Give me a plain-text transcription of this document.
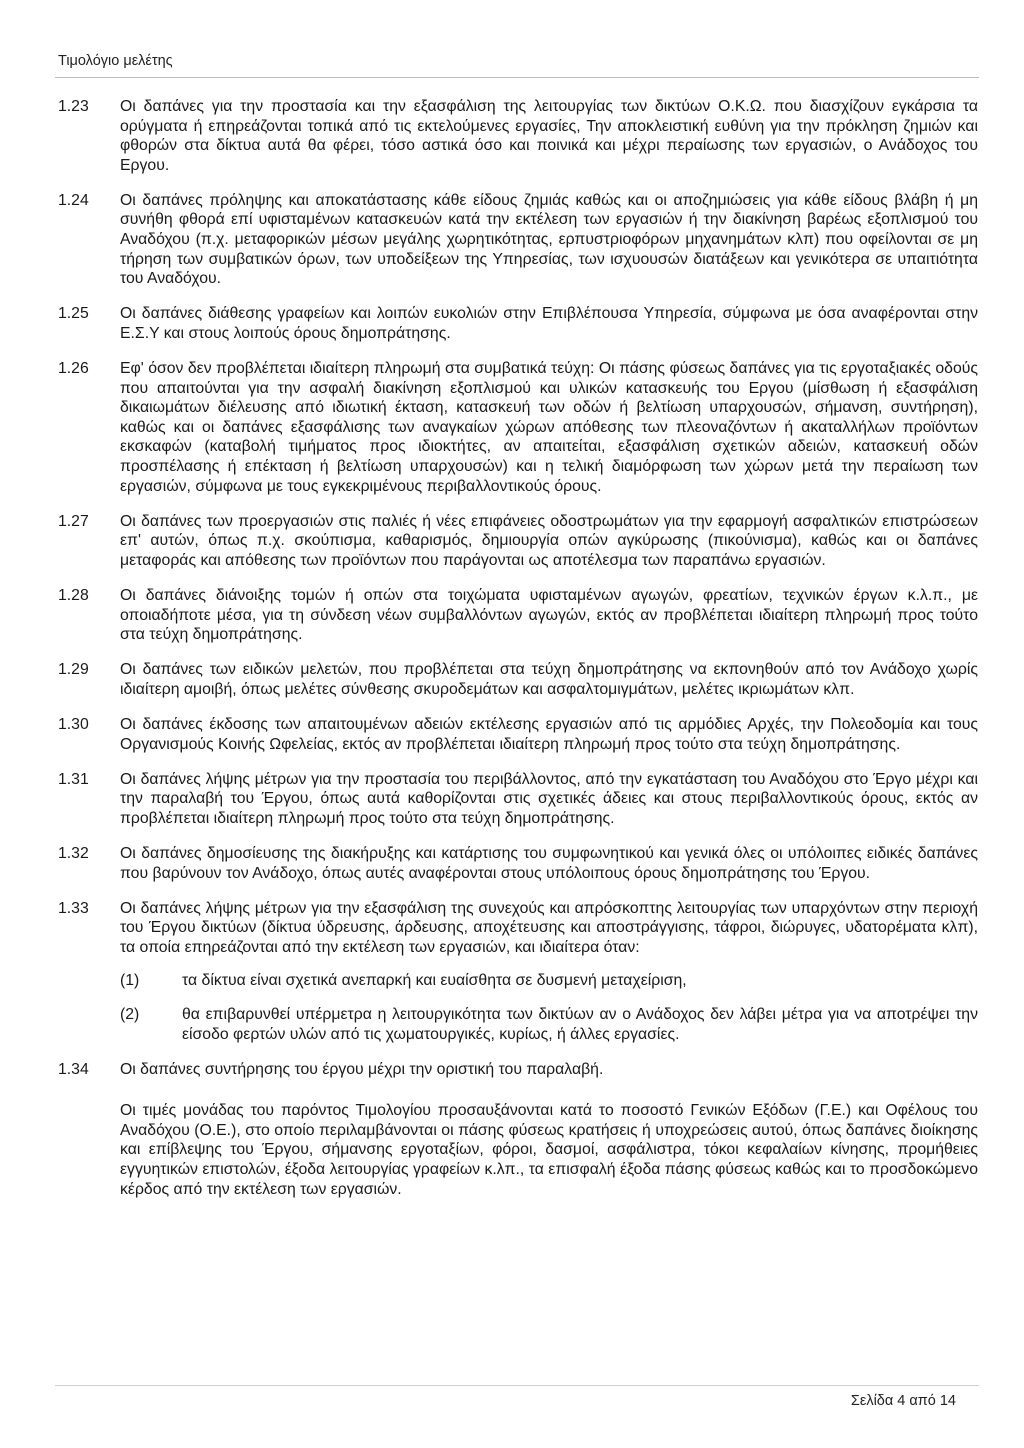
Τιμολόγιο μελέτης
1.23	Οι δαπάνες για την προστασία και την εξασφάλιση της λειτουργίας των δικτύων Ο.Κ.Ω. που διασχίζουν εγκάρσια τα ορύγματα ή επηρεάζονται τοπικά από τις εκτελούμενες εργασίες, Την αποκλειστική ευθύνη για την πρόκληση ζημιών και φθορών στα δίκτυα αυτά θα φέρει, τόσο αστικά όσο και ποινικά και μέχρι περαίωσης των εργασιών, ο Ανάδοχος του Εργου.
1.24	Οι δαπάνες πρόληψης και αποκατάστασης κάθε είδους ζημιάς καθώς και οι αποζημιώσεις για κάθε είδους βλάβη ή μη συνήθη φθορά επί υφισταμένων κατασκευών κατά την εκτέλεση των εργασιών ή την διακίνηση βαρέως εξοπλισμού του Αναδόχου (π.χ. μεταφορικών μέσων μεγάλης χωρητικότητας, ερπυστριοφόρων μηχανημάτων κλπ) που οφείλονται σε μη τήρηση των συμβατικών όρων, των υποδείξεων της Υπηρεσίας, των ισχυουσών διατάξεων και γενικότερα σε υπαιτιότητα του Αναδόχου.
1.25	Οι δαπάνες διάθεσης γραφείων και λοιπών ευκολιών στην Επιβλέπουσα Υπηρεσία, σύμφωνα με όσα αναφέρονται στην Ε.Σ.Υ και στους λοιπούς όρους δημοπράτησης.
1.26	Εφ' όσον δεν προβλέπεται ιδιαίτερη πληρωμή στα συμβατικά τεύχη: Οι πάσης φύσεως δαπάνες για τις εργοταξιακές οδούς που απαιτούνται για την ασφαλή διακίνηση εξοπλισμού και υλικών κατασκευής του Εργου (μίσθωση ή εξασφάλιση δικαιωμάτων διέλευσης από ιδιωτική έκταση, κατασκευή των οδών ή βελτίωση υπαρχουσών, σήμανση, συντήρηση), καθώς και οι δαπάνες εξασφάλισης των αναγκαίων χώρων απόθεσης των πλεοναζόντων ή ακαταλλήλων προϊόντων εκσκαφών (καταβολή τιμήματος προς ιδιοκτήτες, αν απαιτείται, εξασφάλιση σχετικών αδειών, κατασκευή οδών προσπέλασης ή επέκταση ή βελτίωση υπαρχουσών) και η τελική διαμόρφωση των χώρων μετά την περαίωση των εργασιών, σύμφωνα με τους εγκεκριμένους περιβαλλοντικούς όρους.
1.27	Οι δαπάνες των προεργασιών στις παλιές ή νέες επιφάνειες οδοστρωμάτων για την εφαρμογή ασφαλτικών επιστρώσεων επ' αυτών, όπως π.χ. σκούπισμα, καθαρισμός, δημιουργία οπών αγκύρωσης (πικούνισμα), καθώς και οι δαπάνες μεταφοράς και απόθεσης των προϊόντων που παράγονται ως αποτέλεσμα των παραπάνω εργασιών.
1.28	Οι δαπάνες διάνοιξης τομών ή οπών στα τοιχώματα υφισταμένων αγωγών, φρεατίων, τεχνικών έργων κ.λ.π., με οποιαδήποτε μέσα, για τη σύνδεση νέων συμβαλλόντων αγωγών, εκτός αν προβλέπεται ιδιαίτερη πληρωμή προς τούτο στα τεύχη δημοπράτησης.
1.29	Οι δαπάνες των ειδικών μελετών, που προβλέπεται στα τεύχη δημοπράτησης να εκπονηθούν από τον Ανάδοχο χωρίς ιδιαίτερη αμοιβή, όπως μελέτες σύνθεσης σκυροδεμάτων και ασφαλτομιγμάτων, μελέτες ικριωμάτων κλπ.
1.30	Οι δαπάνες έκδοσης των απαιτουμένων αδειών εκτέλεσης εργασιών από τις αρμόδιες Αρχές, την Πολεοδομία και τους Οργανισμούς Κοινής Ωφελείας, εκτός αν προβλέπεται ιδιαίτερη πληρωμή προς τούτο στα τεύχη δημοπράτησης.
1.31	Οι δαπάνες λήψης μέτρων για την προστασία του περιβάλλοντος, από την εγκατάσταση του Αναδόχου στο Έργο μέχρι και την παραλαβή του Έργου, όπως αυτά καθορίζονται στις σχετικές άδειες και στους περιβαλλοντικούς όρους, εκτός αν προβλέπεται ιδιαίτερη πληρωμή προς τούτο στα τεύχη δημοπράτησης.
1.32	Οι δαπάνες δημοσίευσης της διακήρυξης και κατάρτισης του συμφωνητικού και γενικά όλες οι υπόλοιπες ειδικές δαπάνες που βαρύνουν τον Ανάδοχο, όπως αυτές αναφέρονται στους υπόλοιπους όρους δημοπράτησης του Έργου.
1.33	Οι δαπάνες λήψης μέτρων για την εξασφάλιση της συνεχούς και απρόσκοπτης λειτουργίας των υπαρχόντων στην περιοχή του Έργου δικτύων (δίκτυα ύδρευσης, άρδευσης, αποχέτευσης και αποστράγγισης, τάφροι, διώρυγες, υδατορέματα κλπ), τα οποία επηρεάζονται από την εκτέλεση των εργασιών, και ιδιαίτερα όταν:
(1)	τα δίκτυα είναι σχετικά ανεπαρκή και ευαίσθητα σε δυσμενή μεταχείριση,
(2)	θα επιβαρυνθεί υπέρμετρα η λειτουργικότητα των δικτύων αν ο Ανάδοχος δεν λάβει μέτρα για να αποτρέψει την είσοδο φερτών υλών από τις χωματουργικές, κυρίως, ή άλλες εργασίες.
1.34	Οι δαπάνες συντήρησης του έργου μέχρι την οριστική του παραλαβή.
Οι τιμές μονάδας του παρόντος Τιμολογίου προσαυξάνονται κατά το ποσοστό Γενικών Εξόδων (Γ.Ε.) και Οφέλους του Αναδόχου (Ο.Ε.), στο οποίο περιλαμβάνονται οι πάσης φύσεως κρατήσεις ή υποχρεώσεις αυτού, όπως δαπάνες διοίκησης και επίβλεψης του Έργου, σήμανσης εργοταξίων, φόροι, δασμοί, ασφάλιστρα, τόκοι κεφαλαίων κίνησης, προμήθειες εγγυητικών επιστολών, έξοδα λειτουργίας γραφείων κ.λπ., τα επισφαλή έξοδα πάσης φύσεως καθώς και το προσδοκώμενο κέρδος από την εκτέλεση των εργασιών.
Σελίδα 4 από 14
